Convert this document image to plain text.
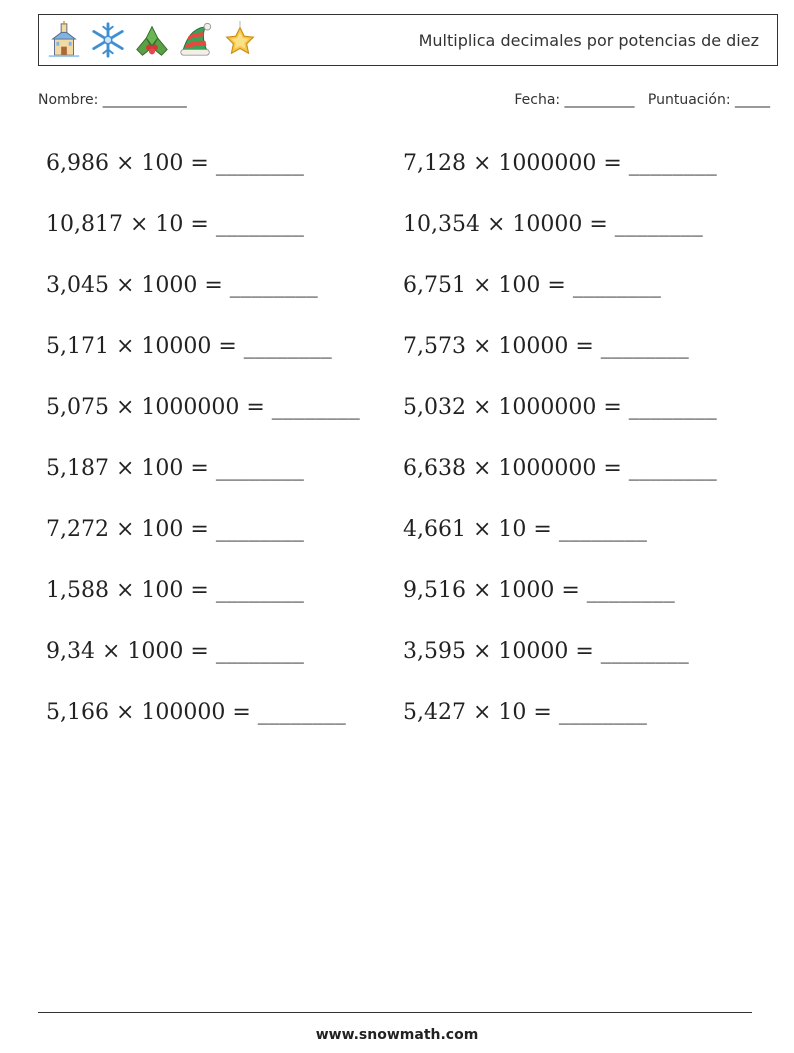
Multiplica decimales por potencias de diez
Nombre: ____________	Fecha: __________ Puntuación: _____
6,986 × 100 = ________	7,128 × 1000000 = ________
10,817 × 10 = ________	10,354 × 10000 = ________
3,045 × 1000 = ________	6,751 × 100 = ________
5,171 × 10000 = ________	7,573 × 10000 = ________
5,075 × 1000000 = ________	5,032 × 1000000 = ________
5,187 × 100 = ________	6,638 × 1000000 = ________
7,272 × 100 = ________	4,661 × 10 = ________
1,588 × 100 = ________	9,516 × 1000 = ________
9,34 × 1000 = ________	3,595 × 10000 = ________
5,166 × 100000 = ________	5,427 × 10 = ________
www.snowmath.com
